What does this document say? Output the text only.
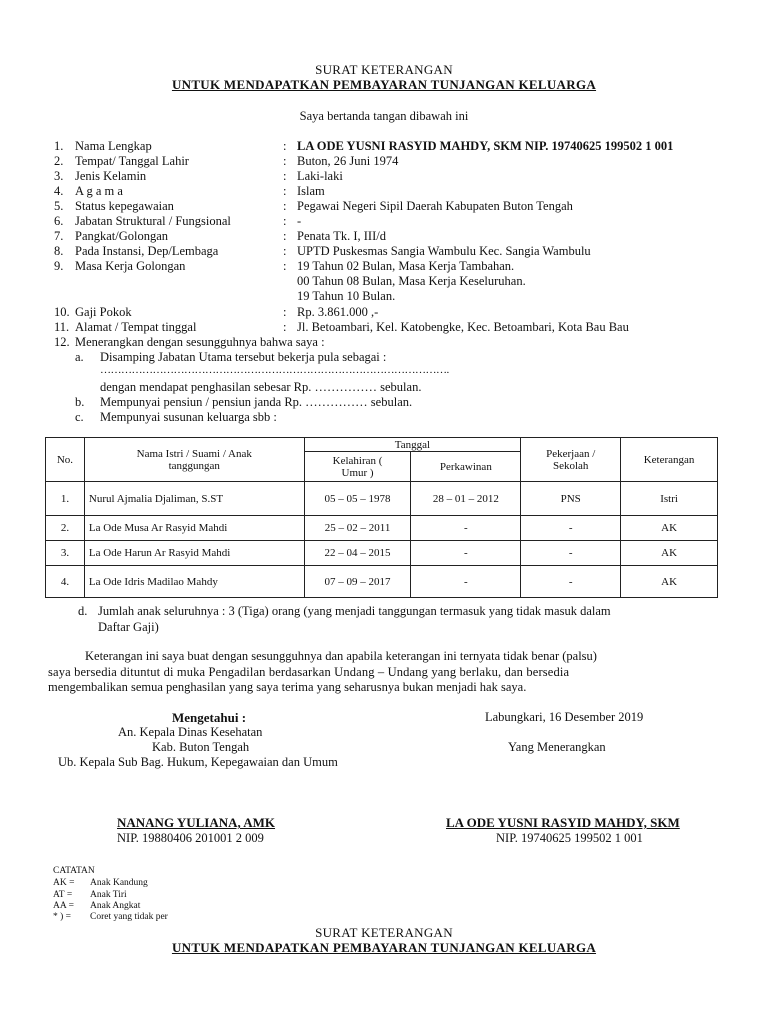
SURAT KETERANGAN
UNTUK MENDAPATKAN PEMBAYARAN TUNJANGAN KELUARGA
Saya bertanda tangan dibawah ini
1. Nama Lengkap	: LA ODE YUSNI RASYID MAHDY, SKM NIP. 19740625 199502 1 001
2. Tempat/ Tanggal Lahir	: Buton, 26 Juni 1974
3. Jenis Kelamin	: Laki-laki
4. A g a m a	: Islam
5. Status kepegawaian	: Pegawai Negeri Sipil Daerah Kabupaten Buton Tengah
6. Jabatan Struktural / Fungsional	: -
7. Pangkat/Golongan	: Penata Tk. I, III/d
8. Pada Instansi, Dep/Lembaga	: UPTD Puskesmas Sangia Wambulu Kec. Sangia Wambulu
9. Masa Kerja Golongan	: 19 Tahun 02 Bulan, Masa Kerja Tambahan.
00 Tahun 08 Bulan, Masa Kerja Keseluruhan.
19 Tahun 10 Bulan.
10. Gaji Pokok	: Rp. 3.861.000 ,-
11. Alamat / Tempat tinggal	: Jl. Betoambari, Kel. Katobengke, Kec. Betoambari, Kota Bau Bau
12. Menerangkan dengan sesungguhnya bahwa saya :
a. Disamping Jabatan Utama tersebut bekerja pula sebagai :
……………………………………………………………………………………….
dengan mendapat penghasilan sebesar Rp. …………… sebulan.
b. Mempunyai pensiun / pensiun janda Rp. …………… sebulan.
c. Mempunyai susunan keluarga sbb :
No.	Nama Istri / Suami / Anak tanggungan	Tanggal		Pekerjaan / Sekolah	Keterangan

		Kelahiran ( Umur )	Perkawinan		
1.	Nurul Ajmalia Djaliman, S.ST	05 – 05 – 1978	28 – 01 – 2012	PNS	Istri
2.	La Ode Musa Ar Rasyid Mahdi	25 – 02 – 2011	-	-	AK
3.	La Ode Harun Ar Rasyid Mahdi	22 – 04 – 2015	-	-	AK
4.	La Ode Idris Madilao Mahdy	07 – 09 – 2017	-	-	AK
d. Jumlah anak seluruhnya : 3 (Tiga) orang (yang menjadi tanggungan termasuk yang tidak masuk dalam
Daftar Gaji)
Keterangan ini saya buat dengan sesungguhnya dan apabila keterangan ini ternyata tidak benar (palsu)
saya bersedia dituntut di muka Pengadilan berdasarkan Undang – Undang yang berlaku, dan bersedia
mengembalikan semua penghasilan yang saya terima yang seharusnya bukan menjadi hak saya.
Mengetahui :
An. Kepala Dinas Kesehatan
Kab. Buton Tengah
Ub. Kepala Sub Bag. Hukum, Kepegawaian dan Umum
NANANG YULIANA, AMK
NIP. 19880406 201001 2 009
Labungkari, 16 Desember 2019
Yang Menerangkan
LA ODE YUSNI RASYID MAHDY, SKM
NIP. 19740625 199502 1 001
CATATAN
AK = Anak Kandung
AT = Anak Tiri
AA = Anak Angkat
* ) = Coret yang tidak per
SURAT KETERANGAN
UNTUK MENDAPATKAN PEMBAYARAN TUNJANGAN KELUARGA
